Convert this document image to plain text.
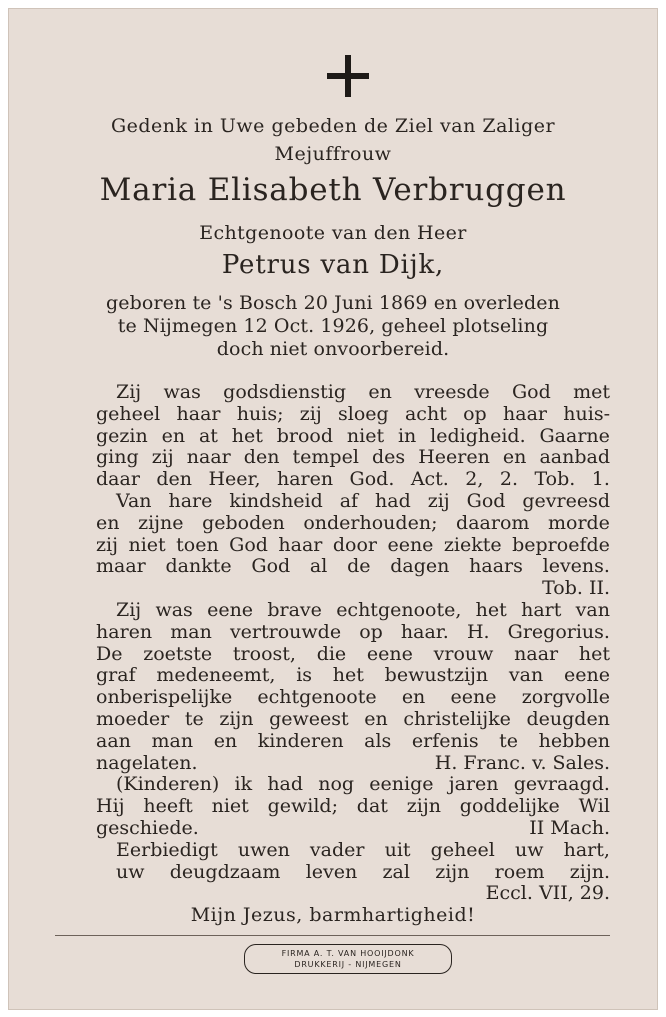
Gedenk in Uwe gebeden de Ziel van Zaliger
Mejuffrouw
Maria Elisabeth Verbruggen
Echtgenoote van den Heer
Petrus van Dijk,
geboren te 's Bosch 20 Juni 1869 en overleden
te Nijmegen 12 Oct. 1926, geheel plotseling
doch niet onvoorbereid.
Zij was godsdienstig en vreesde God met
geheel haar huis; zij sloeg acht op haar huis-
gezin en at het brood niet in ledigheid. Gaarne
ging zij naar den tempel des Heeren en aanbad
daar den Heer, haren God. Act. 2, 2. Tob. 1.
Van hare kindsheid af had zij God gevreesd
en zijne geboden onderhouden; daarom morde
zij niet toen God haar door eene ziekte beproefde
maar dankte God al de dagen haars levens.
Tob. II.
Zij was eene brave echtgenoote, het hart van
haren man vertrouwde op haar. H. Gregorius.
De zoetste troost, die eene vrouw naar het
graf medeneemt, is het bewustzijn van eene
onberispelijke echtgenoote en eene zorgvolle
moeder te zijn geweest en christelijke deugden
aan man en kinderen als erfenis te hebben
nagelaten.	H. Franc. v. Sales.
(Kinderen) ik had nog eenige jaren gevraagd.
Hij heeft niet gewild; dat zijn goddelijke Wil
geschiede.	II Mach.
Eerbiedigt uwen vader uit geheel uw hart,
uw deugdzaam leven zal zijn roem zijn.
Eccl. VII, 29.
Mijn Jezus, barmhartigheid!
FIRMA A. T. VAN HOOIJDONK
DRUKKERIJ - NIJMEGEN
